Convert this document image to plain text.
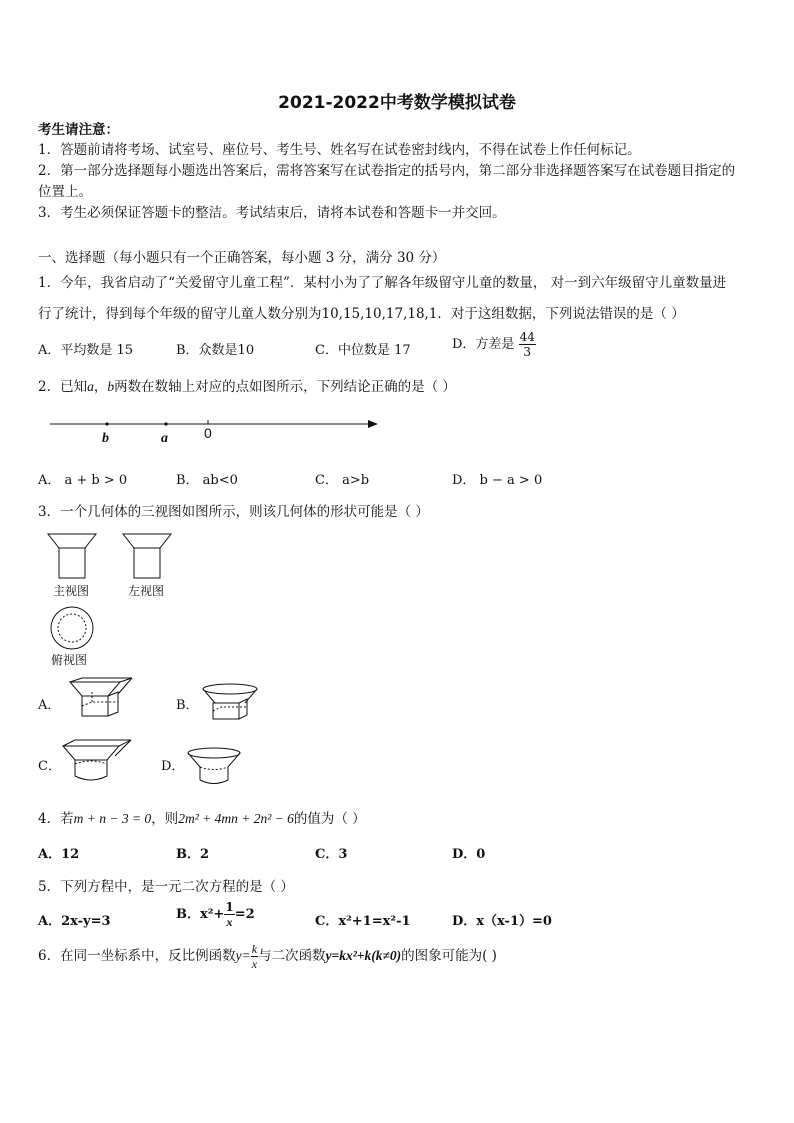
2021-2022中考数学模拟试卷
考生请注意：
1．答题前请将考场、试室号、座位号、考生号、姓名写在试卷密封线内，不得在试卷上作任何标记。
2．第一部分选择题每小题选出答案后，需将答案写在试卷指定的括号内，第二部分非选择题答案写在试卷题目指定的
位置上。
3．考生必须保证答题卡的整洁。考试结束后，请将本试卷和答题卡一并交回。
一、选择题（每小题只有一个正确答案，每小题 3 分，满分 30 分）
1．今年，我省启动了“关爱留守儿童工程”．某村小为了了解各年级留守儿童的数量， 对一到六年级留守儿童数量进
行了统计，得到每个年级的留守儿童人数分别为10,15,10,17,18,1．对于这组数据，下列说法错误的是（ ）
A．平均数是 15	B．众数是10	C．中位数是 17	D．方差是 $\frac{44}{3}$
2．已知a，b两数在数轴上对应的点如图所示，下列结论正确的是（ ）
b	a	0
A． a + b > 0	B． ab<0	C． a>b	D． b − a > 0
3．一个几何体的三视图如图所示，则该几何体的形状可能是（ ）
主视图	左视图
俯视图
A．	B．
C．	D．
4．若m + n − 3 = 0，则2m² + 4mn + 2n² − 6的值为（ ）
A．12	B．2	C．3	D．0
5．下列方程中，是一元二次方程的是（ ）
A．2x-y=3	B．$x^2+ \frac{1}{x} =2$	C．x²+1=x²-1	D．x（x-1）=0
6．在同一坐标系中，反比例函数$y= \frac{k}{x}$ 与二次函数y=kx²+k(k≠0)的图象可能为( )
